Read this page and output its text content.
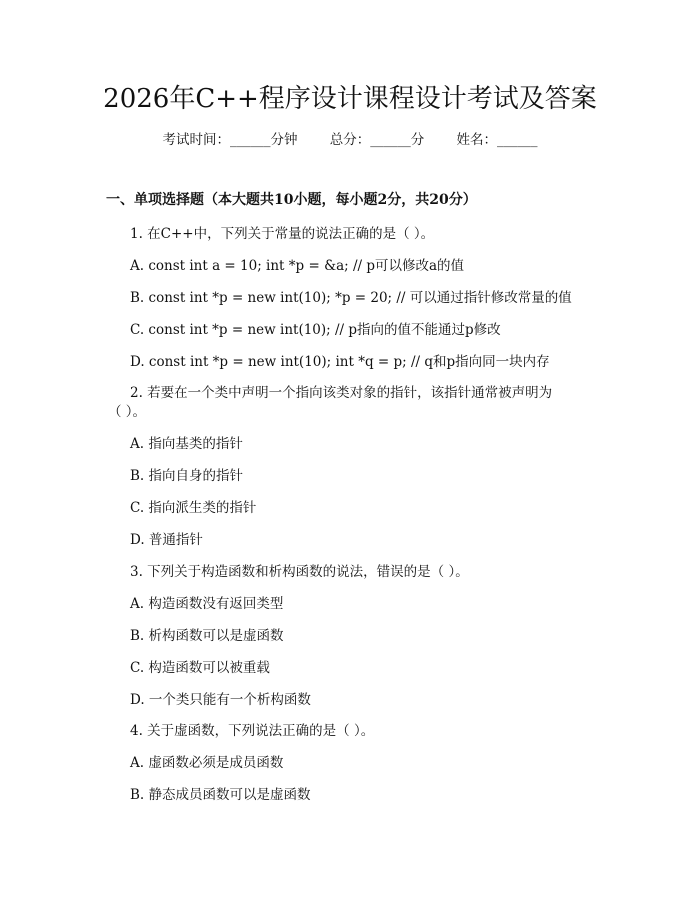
2026年C++程序设计课程设计考试及答案
考试时间：______分钟 总分：______分 姓名：______
一、单项选择题（本大题共10小题，每小题2分，共20分）
1. 在C++中，下列关于常量的说法正确的是（ ）。
A. const int a = 10; int *p = &a; // p可以修改a的值
B. const int *p = new int(10); *p = 20; // 可以通过指针修改常量的值
C. const int *p = new int(10); // p指向的值不能通过p修改
D. const int *p = new int(10); int *q = p; // q和p指向同一块内存
2. 若要在一个类中声明一个指向该类对象的指针，该指针通常被声明为
（ ）。
A. 指向基类的指针
B. 指向自身的指针
C. 指向派生类的指针
D. 普通指针
3. 下列关于构造函数和析构函数的说法，错误的是（ ）。
A. 构造函数没有返回类型
B. 析构函数可以是虚函数
C. 构造函数可以被重载
D. 一个类只能有一个析构函数
4. 关于虚函数，下列说法正确的是（ ）。
A. 虚函数必须是成员函数
B. 静态成员函数可以是虚函数
